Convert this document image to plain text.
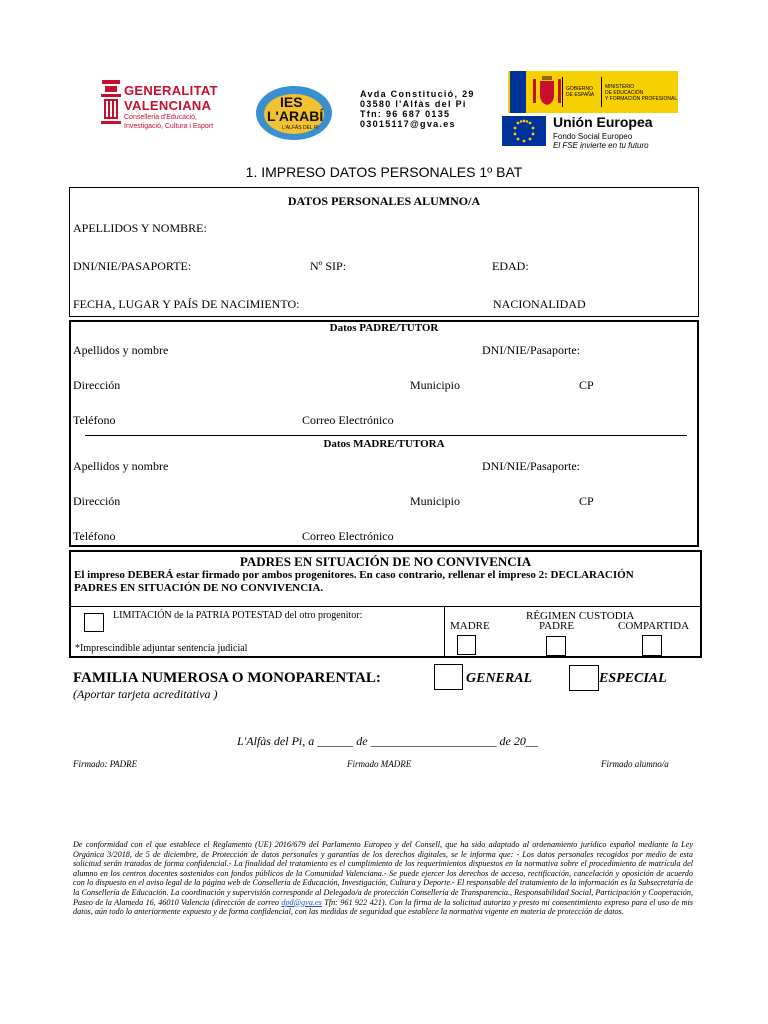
GENERALITAT
VALENCIANA
Conselleria d'Educació,
Investigació, Cultura i Esport
IES
L'ARABÍ
L'ALFÀS DEL PI
Avda Constitució, 29
03580 l'Alfàs del Pi
Tfn: 96 687 0135
03015117@gva.es
GOBIERNO
DE ESPAÑA
MINISTERIO
DE EDUCACIÓN
Y FORMACIÓN PROFESIONAL
Unión Europea
Fondo Social Europeo
El FSE invierte en tu futuro
1. IMPRESO DATOS PERSONALES 1º BAT
DATOS PERSONALES ALUMNO/A
APELLIDOS Y NOMBRE:
DNI/NIE/PASAPORTE:	Nº SIP:	EDAD:
FECHA, LUGAR Y PAÍS DE NACIMIENTO:	NACIONALIDAD
Datos PADRE/TUTOR
Apellidos y nombre	DNI/NIE/Pasaporte:
Dirección	Municipio	CP
Teléfono	Correo Electrónico
Datos MADRE/TUTORA
Apellidos y nombre	DNI/NIE/Pasaporte:
Dirección	Municipio	CP
Teléfono	Correo Electrónico
PADRES EN SITUACIÓN DE NO CONVIVENCIA
El impreso DEBERÁ estar firmado por ambos progenitores. En caso contrario, rellenar el impreso 2: DECLARACIÓN
PADRES EN SITUACIÓN DE NO CONVIVENCIA.
LIMITACIÓN de la PATRIA POTESTAD del otro progenitor:
*Imprescindible adjuntar sentencia judicial
RÉGIMEN CUSTODIA
MADRE	PADRE	COMPARTIDA
FAMILIA NUMEROSA O MONOPARENTAL:
(Aportar tarjeta acreditativa )
GENERAL	ESPECIAL
L'Alfàs del Pi, a ______ de _____________________ de 20__
Firmado: PADRE	Firmado MADRE	Firmado alumno/a
De conformidad con el que establece el Reglamento (UE) 2016/679 del Parlamento Europeo y del Consell, que ha sido adaptado al ordenamiento jurídico español mediante la Ley Orgánica 3/2018, de 5 de diciembre, de Protección de datos personales y garantías de los derechos digitales, se le informa que: - Los datos personales recogidos por medio de esta solicitud serán tratados de forma confidencial.- La finalidad del tratamiento es el cumplimiento de los requerimientos dispuestos en la normativa sobre el procedimiento de matrícula del alumno en los centros docentes sostenidos con fondos públicos de la Comunidad Valenciana.- Se puede ejercer los derechos de acceso, rectificación, cancelación y oposición de acuerdo con lo dispuesto en el aviso legal de la página web de Conselleria de Educación, Investigación, Cultura y Deporte.- El responsable del tratamiento de la información es la Subsecretaría de la Consellería de Educación. La coordinación y supervisión corresponde al Delegado/a de protección Consellería de Transparencia., Responsabilidad Social, Participación y Cooperación, Paseo de la Alameda 16, 46010 Valencia (dirección de correo dpd@gva.es Tfn: 961 922 421). Con la firma de la solicitud autorizo y presto mi consentimiento expreso para el uso de mis datos, aún todo lo anteriormente expuesto y de forma confidencial, con las medidas de seguridad que establece la normativa vigente en materia de protección de datos.
